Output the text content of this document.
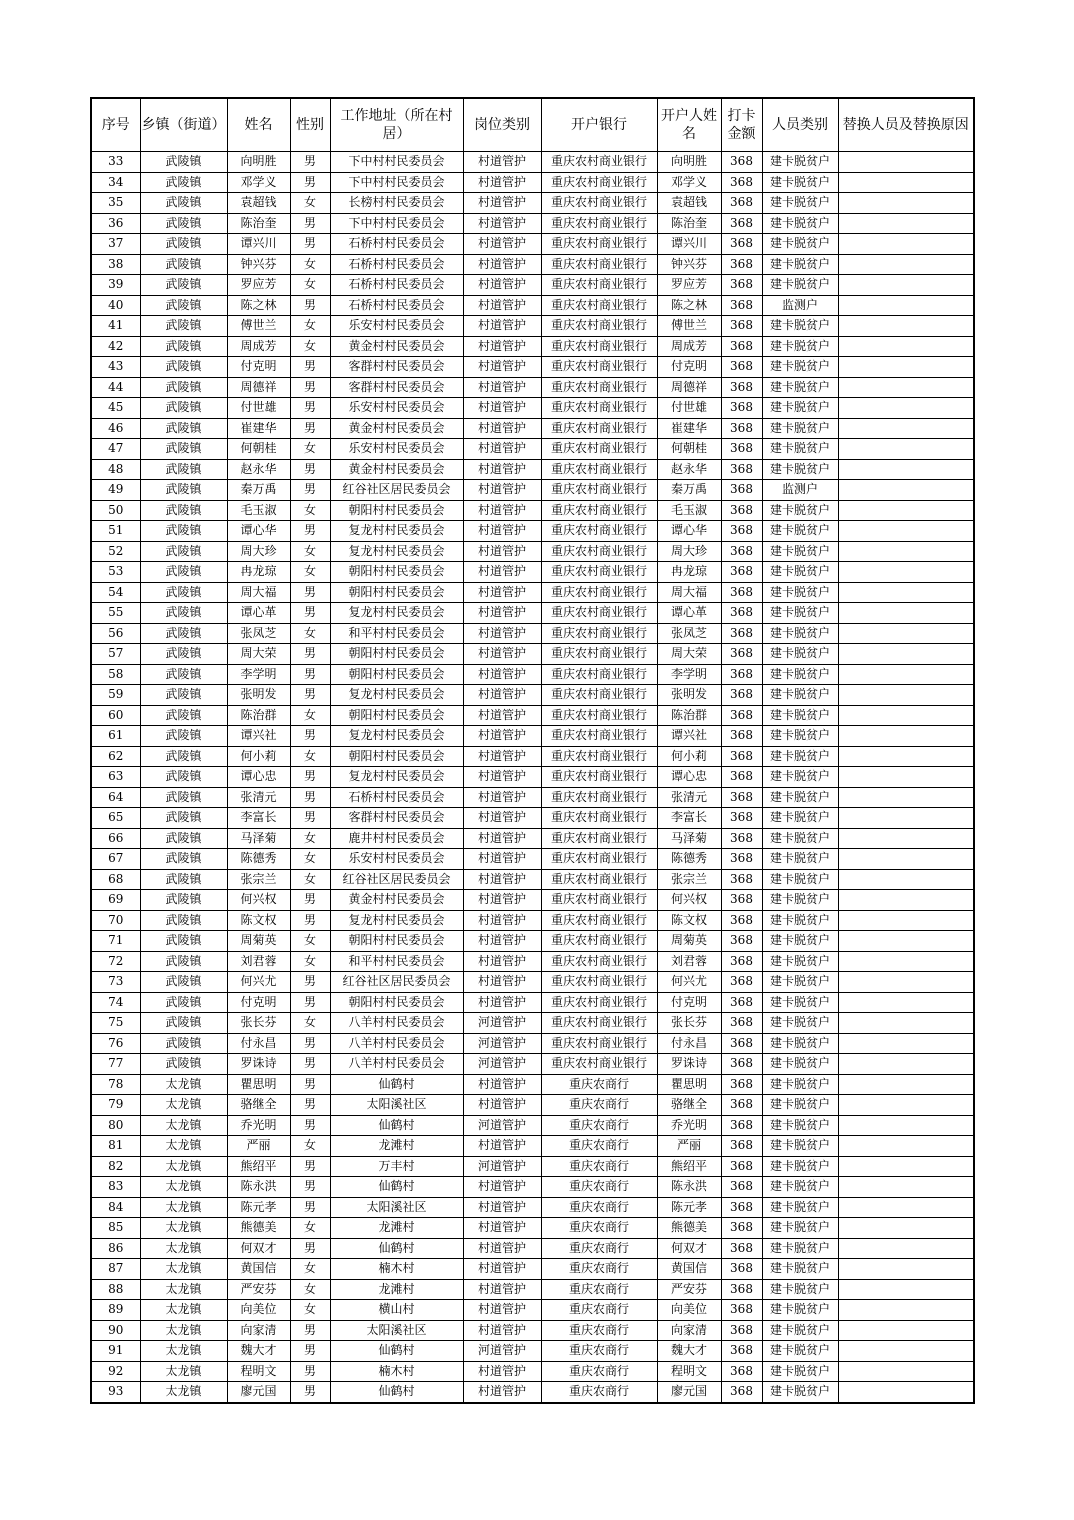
序号	乡镇（街道）	姓名	性别	工作地址（所在村居）	岗位类别	开户银行	开户人姓名	打卡金额	人员类别	替换人员及替换原因
33	武陵镇	向明胜	男	下中村村民委员会	村道管护	重庆农村商业银行	向明胜	368	建卡脱贫户	
34	武陵镇	邓学义	男	下中村村民委员会	村道管护	重庆农村商业银行	邓学义	368	建卡脱贫户	
35	武陵镇	袁超钱	女	长榜村村民委员会	村道管护	重庆农村商业银行	袁超钱	368	建卡脱贫户	
36	武陵镇	陈治奎	男	下中村村民委员会	村道管护	重庆农村商业银行	陈治奎	368	建卡脱贫户	
37	武陵镇	谭兴川	男	石桥村村民委员会	村道管护	重庆农村商业银行	谭兴川	368	建卡脱贫户	
38	武陵镇	钟兴芬	女	石桥村村民委员会	村道管护	重庆农村商业银行	钟兴芬	368	建卡脱贫户	
39	武陵镇	罗应芳	女	石桥村村民委员会	村道管护	重庆农村商业银行	罗应芳	368	建卡脱贫户	
40	武陵镇	陈之林	男	石桥村村民委员会	村道管护	重庆农村商业银行	陈之林	368	监测户	
41	武陵镇	傅世兰	女	乐安村村民委员会	村道管护	重庆农村商业银行	傅世兰	368	建卡脱贫户	
42	武陵镇	周成芳	女	黄金村村民委员会	村道管护	重庆农村商业银行	周成芳	368	建卡脱贫户	
43	武陵镇	付克明	男	客群村村民委员会	村道管护	重庆农村商业银行	付克明	368	建卡脱贫户	
44	武陵镇	周德祥	男	客群村村民委员会	村道管护	重庆农村商业银行	周德祥	368	建卡脱贫户	
45	武陵镇	付世雄	男	乐安村村民委员会	村道管护	重庆农村商业银行	付世雄	368	建卡脱贫户	
46	武陵镇	崔建华	男	黄金村村民委员会	村道管护	重庆农村商业银行	崔建华	368	建卡脱贫户	
47	武陵镇	何朝桂	女	乐安村村民委员会	村道管护	重庆农村商业银行	何朝桂	368	建卡脱贫户	
48	武陵镇	赵永华	男	黄金村村民委员会	村道管护	重庆农村商业银行	赵永华	368	建卡脱贫户	
49	武陵镇	秦万禹	男	红谷社区居民委员会	村道管护	重庆农村商业银行	秦万禹	368	监测户	
50	武陵镇	毛玉淑	女	朝阳村村民委员会	村道管护	重庆农村商业银行	毛玉淑	368	建卡脱贫户	
51	武陵镇	谭心华	男	复龙村村民委员会	村道管护	重庆农村商业银行	谭心华	368	建卡脱贫户	
52	武陵镇	周大珍	女	复龙村村民委员会	村道管护	重庆农村商业银行	周大珍	368	建卡脱贫户	
53	武陵镇	冉龙琼	女	朝阳村村民委员会	村道管护	重庆农村商业银行	冉龙琼	368	建卡脱贫户	
54	武陵镇	周大福	男	朝阳村村民委员会	村道管护	重庆农村商业银行	周大福	368	建卡脱贫户	
55	武陵镇	谭心革	男	复龙村村民委员会	村道管护	重庆农村商业银行	谭心革	368	建卡脱贫户	
56	武陵镇	张凤芝	女	和平村村民委员会	村道管护	重庆农村商业银行	张凤芝	368	建卡脱贫户	
57	武陵镇	周大荣	男	朝阳村村民委员会	村道管护	重庆农村商业银行	周大荣	368	建卡脱贫户	
58	武陵镇	李学明	男	朝阳村村民委员会	村道管护	重庆农村商业银行	李学明	368	建卡脱贫户	
59	武陵镇	张明发	男	复龙村村民委员会	村道管护	重庆农村商业银行	张明发	368	建卡脱贫户	
60	武陵镇	陈治群	女	朝阳村村民委员会	村道管护	重庆农村商业银行	陈治群	368	建卡脱贫户	
61	武陵镇	谭兴社	男	复龙村村民委员会	村道管护	重庆农村商业银行	谭兴社	368	建卡脱贫户	
62	武陵镇	何小莉	女	朝阳村村民委员会	村道管护	重庆农村商业银行	何小莉	368	建卡脱贫户	
63	武陵镇	谭心忠	男	复龙村村民委员会	村道管护	重庆农村商业银行	谭心忠	368	建卡脱贫户	
64	武陵镇	张清元	男	石桥村村民委员会	村道管护	重庆农村商业银行	张清元	368	建卡脱贫户	
65	武陵镇	李富长	男	客群村村民委员会	村道管护	重庆农村商业银行	李富长	368	建卡脱贫户	
66	武陵镇	马泽菊	女	鹿井村村民委员会	村道管护	重庆农村商业银行	马泽菊	368	建卡脱贫户	
67	武陵镇	陈德秀	女	乐安村村民委员会	村道管护	重庆农村商业银行	陈德秀	368	建卡脱贫户	
68	武陵镇	张宗兰	女	红谷社区居民委员会	村道管护	重庆农村商业银行	张宗兰	368	建卡脱贫户	
69	武陵镇	何兴权	男	黄金村村民委员会	村道管护	重庆农村商业银行	何兴权	368	建卡脱贫户	
70	武陵镇	陈文权	男	复龙村村民委员会	村道管护	重庆农村商业银行	陈文权	368	建卡脱贫户	
71	武陵镇	周菊英	女	朝阳村村民委员会	村道管护	重庆农村商业银行	周菊英	368	建卡脱贫户	
72	武陵镇	刘君蓉	女	和平村村民委员会	村道管护	重庆农村商业银行	刘君蓉	368	建卡脱贫户	
73	武陵镇	何兴尤	男	红谷社区居民委员会	村道管护	重庆农村商业银行	何兴尤	368	建卡脱贫户	
74	武陵镇	付克明	男	朝阳村村民委员会	村道管护	重庆农村商业银行	付克明	368	建卡脱贫户	
75	武陵镇	张长芬	女	八羊村村民委员会	河道管护	重庆农村商业银行	张长芬	368	建卡脱贫户	
76	武陵镇	付永昌	男	八羊村村民委员会	河道管护	重庆农村商业银行	付永昌	368	建卡脱贫户	
77	武陵镇	罗诛诗	男	八羊村村民委员会	河道管护	重庆农村商业银行	罗诛诗	368	建卡脱贫户	
78	太龙镇	瞿思明	男	仙鹤村	村道管护	重庆农商行	瞿思明	368	建卡脱贫户	
79	太龙镇	骆继全	男	太阳溪社区	村道管护	重庆农商行	骆继全	368	建卡脱贫户	
80	太龙镇	乔光明	男	仙鹤村	河道管护	重庆农商行	乔光明	368	建卡脱贫户	
81	太龙镇	严丽	女	龙滩村	村道管护	重庆农商行	严丽	368	建卡脱贫户	
82	太龙镇	熊绍平	男	万丰村	河道管护	重庆农商行	熊绍平	368	建卡脱贫户	
83	太龙镇	陈永洪	男	仙鹤村	村道管护	重庆农商行	陈永洪	368	建卡脱贫户	
84	太龙镇	陈元孝	男	太阳溪社区	村道管护	重庆农商行	陈元孝	368	建卡脱贫户	
85	太龙镇	熊德美	女	龙滩村	村道管护	重庆农商行	熊德美	368	建卡脱贫户	
86	太龙镇	何双才	男	仙鹤村	村道管护	重庆农商行	何双才	368	建卡脱贫户	
87	太龙镇	黄国信	女	楠木村	村道管护	重庆农商行	黄国信	368	建卡脱贫户	
88	太龙镇	严安芬	女	龙滩村	村道管护	重庆农商行	严安芬	368	建卡脱贫户	
89	太龙镇	向美位	女	横山村	村道管护	重庆农商行	向美位	368	建卡脱贫户	
90	太龙镇	向家清	男	太阳溪社区	村道管护	重庆农商行	向家清	368	建卡脱贫户	
91	太龙镇	魏大才	男	仙鹤村	河道管护	重庆农商行	魏大才	368	建卡脱贫户	
92	太龙镇	程明文	男	楠木村	村道管护	重庆农商行	程明文	368	建卡脱贫户	
93	太龙镇	廖元国	男	仙鹤村	村道管护	重庆农商行	廖元国	368	建卡脱贫户	
